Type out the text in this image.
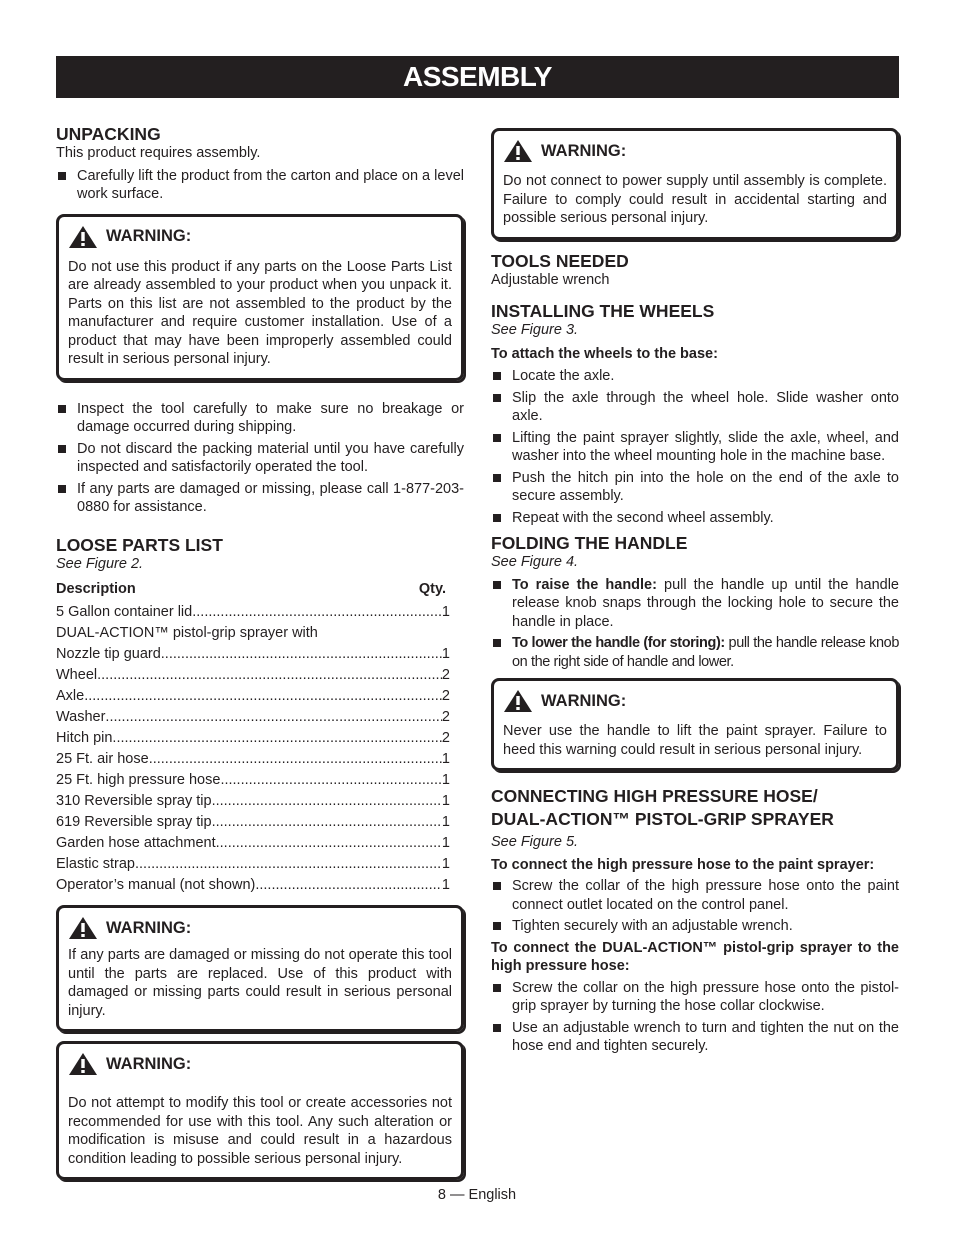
ASSEMBLY
UNPACKING

This product requires assembly.

Carefully lift the product from the carton and place on a level work surface.
WARNING:

Do not use this product if any parts on the Loose Parts List are already assembled to your product when you unpack it. Parts on this list are not assembled to the product by the manufacturer and require customer installation. Use of a product that may have been improperly assembled could result in serious personal injury.

Inspect the tool carefully to make sure no breakage or damage occurred during shipping.
Do not discard the packing material until you have carefully inspected and satisfactorily operated the tool.
If any parts are damaged or missing, please call 1-877-203-0880 for assistance.
LOOSE PARTS LIST

See Figure 2.

Description	Qty.
5 Gallon container lid .....	1
DUAL-ACTION™ pistol-grip sprayer with
Nozzle tip guard .....	1
Wheel .....	2
Axle .....	2
Washer .....	2
Hitch pin .....	2
25 Ft. air hose .....	1
25 Ft. high pressure hose .....	1
310 Reversible spray tip .....	1
619 Reversible spray tip .....	1
Garden hose attachment .....	1
Elastic strap .....	1
Operator’s manual (not shown) .....	1
WARNING:

If any parts are damaged or missing do not operate this tool until the parts are replaced. Use of this product with damaged or missing parts could result in serious personal injury.

WARNING:

Do not attempt to modify this tool or create accessories not recommended for use with this tool. Any such alteration or modification is misuse and could result in a hazardous condition leading to possible serious personal injury.

WARNING:

Do not connect to power supply until assembly is complete. Failure to comply could result in accidental starting and possible serious personal injury.

TOOLS NEEDED

Adjustable wrench

INSTALLING THE WHEELS

See Figure 3.

To attach the wheels to the base:

Locate the axle.
Slip the axle through the wheel hole. Slide washer onto axle.
Lifting the paint sprayer slightly, slide the axle, wheel, and washer into the wheel mounting hole in the machine base.
Push the hitch pin into the hole on the end of the axle to secure assembly.
Repeat with the second wheel assembly.
FOLDING THE HANDLE

See Figure 4.

To raise the handle: pull the handle up until the handle release knob snaps through the locking hole to secure the handle in place.
To lower the handle (for storing): pull the handle release knob on the right side of handle and lower.
WARNING:

Never use the handle to lift the paint sprayer. Failure to heed this warning could result in serious personal injury.

CONNECTING HIGH PRESSURE HOSE/
DUAL-ACTION™ PISTOL-GRIP SPRAYER

See Figure 5.

To connect the high pressure hose to the paint sprayer:

Screw the collar of the high pressure hose onto the paint connect outlet located on the control panel.
Tighten securely with an adjustable wrench.

To connect the DUAL-ACTION™ pistol-grip sprayer to the high pressure hose:

Screw the collar on the high pressure hose onto the pistol-grip sprayer by turning the hose collar clockwise.
Use an adjustable wrench to turn and tighten the nut on the hose end and tighten securely.
8 — English
